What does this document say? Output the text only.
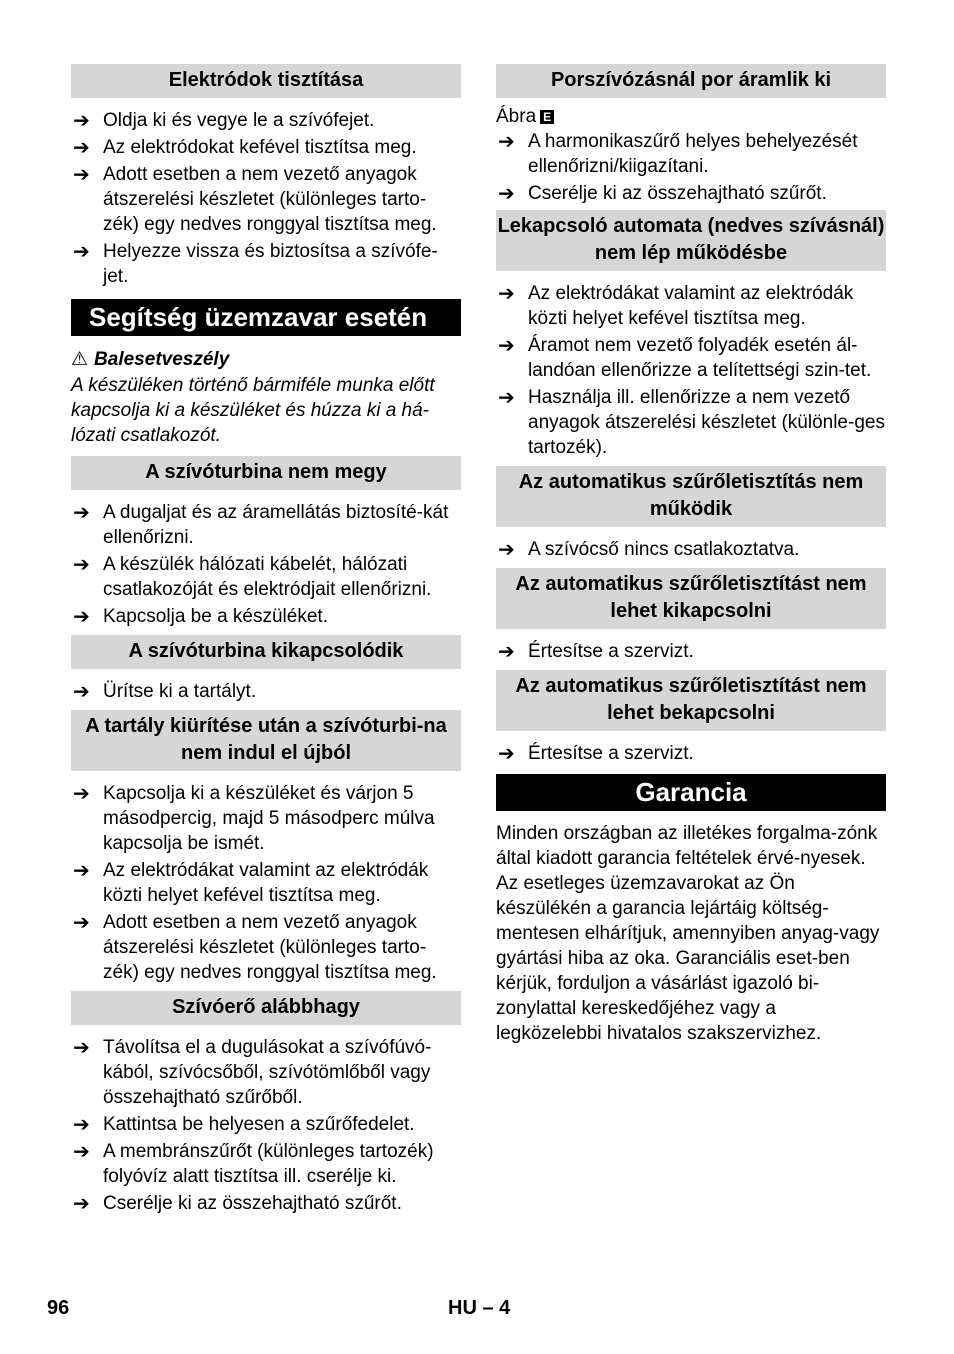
Elektródok tisztítása
➔ Oldja ki és vegye le a szívófejet.
➔ Az elektródokat kefével tisztítsa meg.
➔ Adott esetben a nem vezető anyagok átszerelési készletet (különleges tarto-zék) egy nedves ronggyal tisztítsa meg.
➔ Helyezze vissza és biztosítsa a szívófe-jet.
Segítség üzemzavar esetén
⚠ Balesetveszély
A készüléken történő bármiféle munka előtt kapcsolja ki a készüléket és húzza ki a há-lózati csatlakozót.
A szívóturbina nem megy
➔ A dugaljat és az áramellátás biztosíté-kát ellenőrizni.
➔ A készülék hálózati kábelét, hálózati csatlakozóját és elektródjait ellenőrizni.
➔ Kapcsolja be a készüléket.
A szívóturbina kikapcsolódik
➔ Ürítse ki a tartályt.
A tartály kiürítése után a szívóturbi-na nem indul el újból
➔ Kapcsolja ki a készüléket és várjon 5 másodpercig, majd 5 másodperc múlva kapcsolja be ismét.
➔ Az elektródákat valamint az elektródák közti helyet kefével tisztítsa meg.
➔ Adott esetben a nem vezető anyagok átszerelési készletet (különleges tarto-zék) egy nedves ronggyal tisztítsa meg.
Szívóerő alábbhagy
➔ Távolítsa el a dugulásokat a szívófúvó-kából, szívócsőből, szívótömlőből vagy összehajtható szűrőből.
➔ Kattintsa be helyesen a szűrőfedelet.
➔ A membránszűrőt (különleges tartozék) folyóvíz alatt tisztítsa ill. cserélje ki.
➔ Cserélje ki az összehajtható szűrőt.
Porszívózásnál por áramlik ki
Ábra E
➔ A harmonikaszűrő helyes behelyezését ellenőrizni/kiigazítani.
➔ Cserélje ki az összehajtható szűrőt.
Lekapcsoló automata (nedves szívásnál) nem lép működésbe
➔ Az elektródákat valamint az elektródák közti helyet kefével tisztítsa meg.
➔ Áramot nem vezető folyadék esetén ál-landóan ellenőrizze a telítettségi szin-tet.
➔ Használja ill. ellenőrizze a nem vezető anyagok átszerelési készletet (különle-ges tartozék).
Az automatikus szűrőletisztítás nem működik
➔ A szívócső nincs csatlakoztatva.
Az automatikus szűrőletisztítást nem lehet kikapcsolni
➔ Értesítse a szervizt.
Az automatikus szűrőletisztítást nem lehet bekapcsolni
➔ Értesítse a szervizt.
Garancia

Minden országban az illetékes forgalma-zónk által kiadott garancia feltételek érvé-nyesek. Az esetleges üzemzavarokat az Ön készülékén a garancia lejártáig költség-mentesen elhárítjuk, amennyiben anyag-vagy gyártási hiba az oka. Garanciális eset-ben kérjük, forduljon a vásárlást igazoló bi-zonylattal kereskedőjéhez vagy a legközelebbi hivatalos szakszervizhez.

96	HU – 4
